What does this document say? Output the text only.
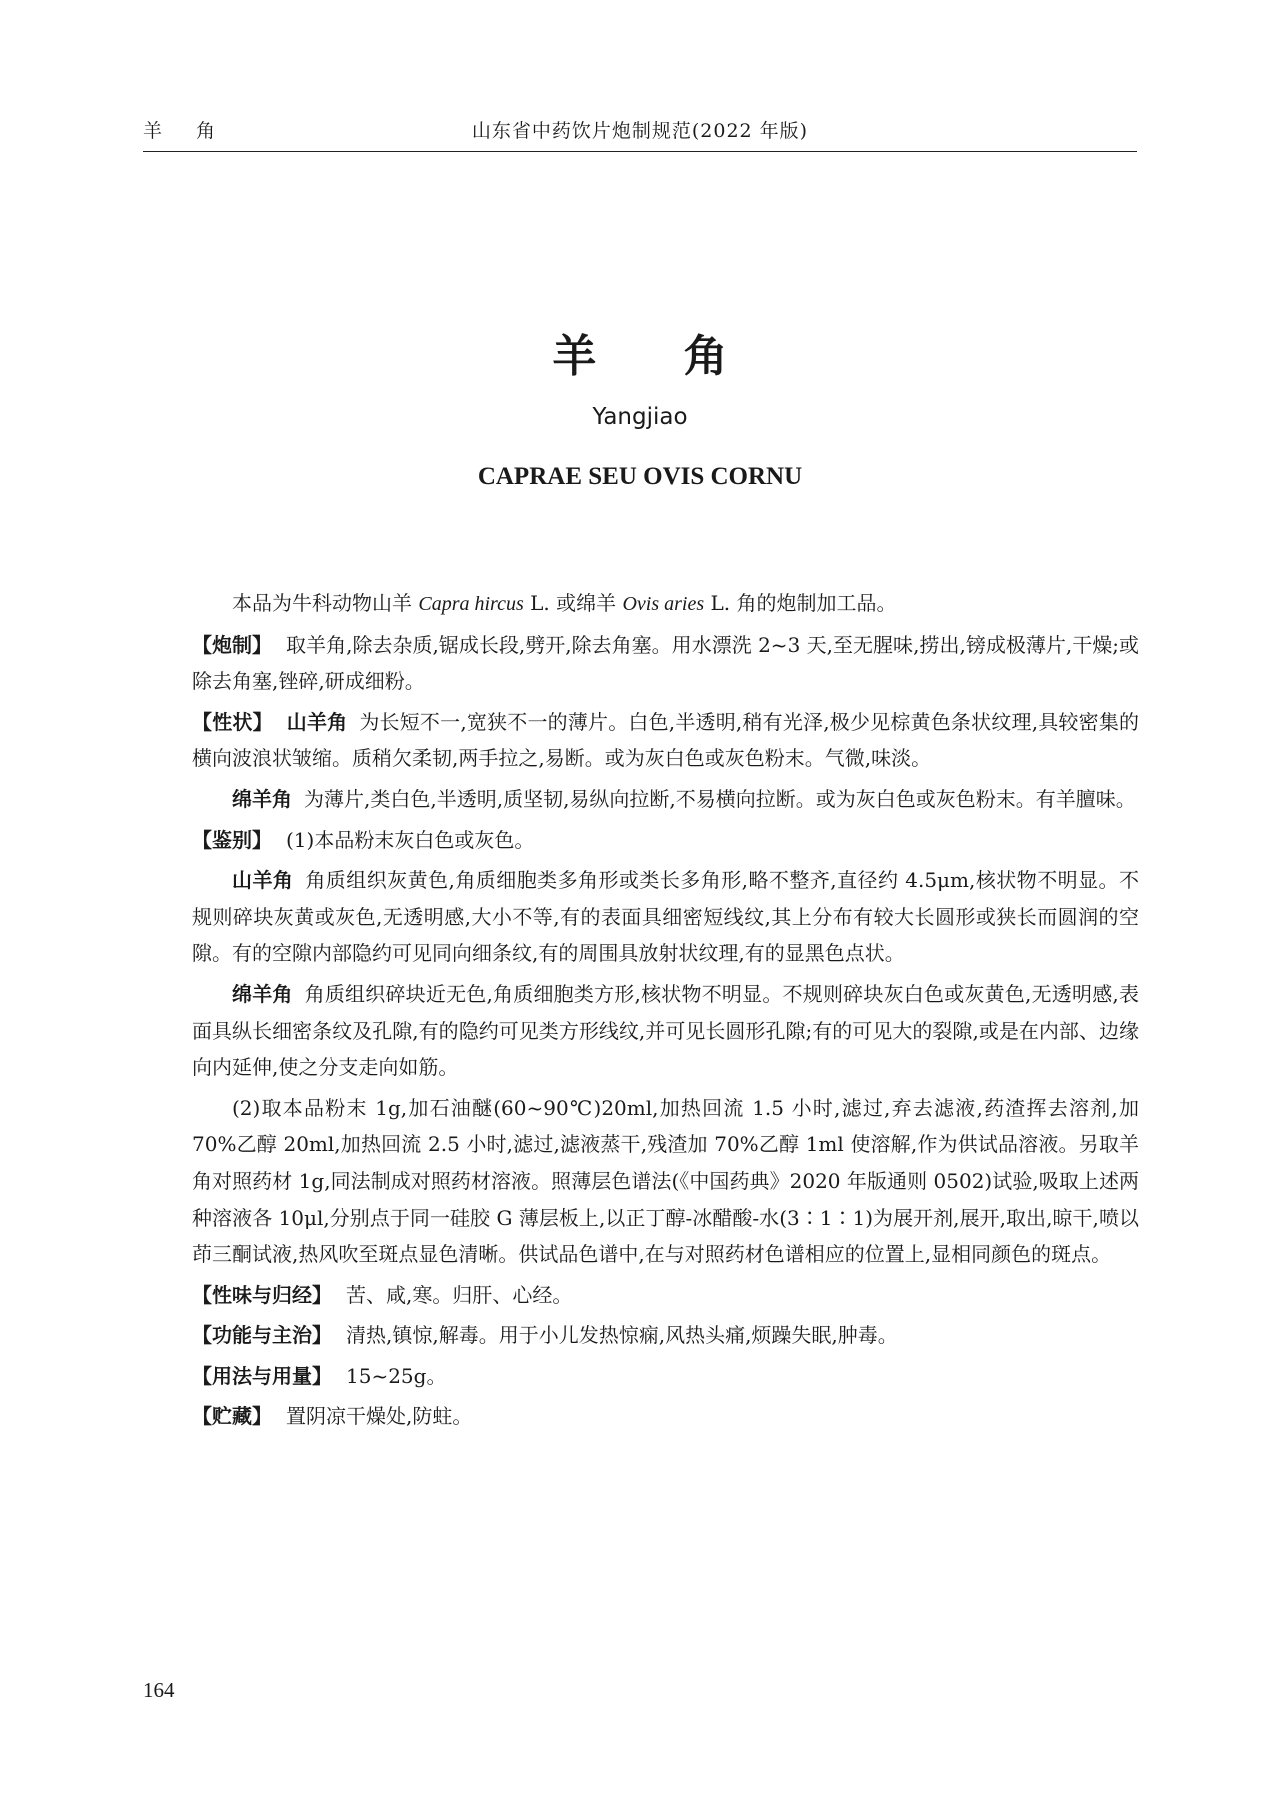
羊 角	山东省中药饮片炮制规范(2022 年版)
羊 角
Yangjiao
CAPRAE SEU OVIS CORNU

本品为牛科动物山羊 Capra hircus L. 或绵羊 Ovis aries L. 角的炮制加工品。

【炮制】 取羊角,除去杂质,锯成长段,劈开,除去角塞。用水漂洗 2~3 天,至无腥味,捞出,镑成极薄片,干燥;或除去角塞,锉碎,研成细粉。

【性状】 山羊角 为长短不一,宽狭不一的薄片。白色,半透明,稍有光泽,极少见棕黄色条状纹理,具较密集的横向波浪状皱缩。质稍欠柔韧,两手拉之,易断。或为灰白色或灰色粉末。气微,味淡。

绵羊角 为薄片,类白色,半透明,质坚韧,易纵向拉断,不易横向拉断。或为灰白色或灰色粉末。有羊膻味。

【鉴别】 (1)本品粉末灰白色或灰色。

山羊角 角质组织灰黄色,角质细胞类多角形或类长多角形,略不整齐,直径约 4.5μm,核状物不明显。不规则碎块灰黄或灰色,无透明感,大小不等,有的表面具细密短线纹,其上分布有较大长圆形或狭长而圆润的空隙。有的空隙内部隐约可见同向细条纹,有的周围具放射状纹理,有的显黑色点状。

绵羊角 角质组织碎块近无色,角质细胞类方形,核状物不明显。不规则碎块灰白色或灰黄色,无透明感,表面具纵长细密条纹及孔隙,有的隐约可见类方形线纹,并可见长圆形孔隙;有的可见大的裂隙,或是在内部、边缘向内延伸,使之分支走向如筋。

(2)取本品粉末 1g,加石油醚(60~90℃)20ml,加热回流 1.5 小时,滤过,弃去滤液,药渣挥去溶剂,加 70%乙醇 20ml,加热回流 2.5 小时,滤过,滤液蒸干,残渣加 70%乙醇 1ml 使溶解,作为供试品溶液。另取羊角对照药材 1g,同法制成对照药材溶液。照薄层色谱法(《中国药典》2020 年版通则 0502)试验,吸取上述两种溶液各 10μl,分别点于同一硅胶 G 薄层板上,以正丁醇-冰醋酸-水(3∶1∶1)为展开剂,展开,取出,晾干,喷以茚三酮试液,热风吹至斑点显色清晰。供试品色谱中,在与对照药材色谱相应的位置上,显相同颜色的斑点。

【性味与归经】 苦、咸,寒。归肝、心经。

【功能与主治】 清热,镇惊,解毒。用于小儿发热惊痫,风热头痛,烦躁失眠,肿毒。

【用法与用量】 15~25g。

【贮藏】 置阴凉干燥处,防蛀。

164
